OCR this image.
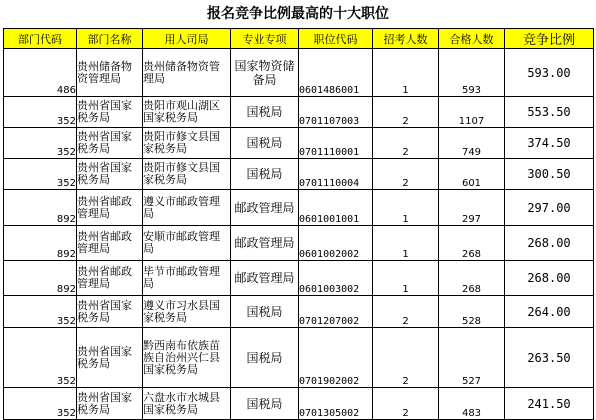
报名竞争比例最高的十大职位
部门代码	部门名称	用人司局	专业专项	职位代码	招考人数	合格人数	竞争比例
486	贵州储备物资管理局	贵州储备物资管理局	国家物资储备局	0601486001	1	593	593.00
352	贵州省国家税务局	贵阳市观山湖区国家税务局	国税局	0701107003	2	1107	553.50
352	贵州省国家税务局	贵阳市修文县国家税务局	国税局	0701110001	2	749	374.50
352	贵州省国家税务局	贵阳市修文县国家税务局	国税局	0701110004	2	601	300.50
892	贵州省邮政管理局	遵义市邮政管理局	邮政管理局	0601001001	1	297	297.00
892	贵州省邮政管理局	安顺市邮政管理局	邮政管理局	0601002002	1	268	268.00
892	贵州省邮政管理局	毕节市邮政管理局	邮政管理局	0601003002	1	268	268.00
352	贵州省国家税务局	遵义市习水县国家税务局	国税局	0701207002	2	528	264.00
352	贵州省国家税务局	黔西南布依族苗族自治州兴仁县国家税务局	国税局	0701902002	2	527	263.50
352	贵州省国家税务局	六盘水市水城县国家税务局	国税局	0701305002	2	483	241.50
